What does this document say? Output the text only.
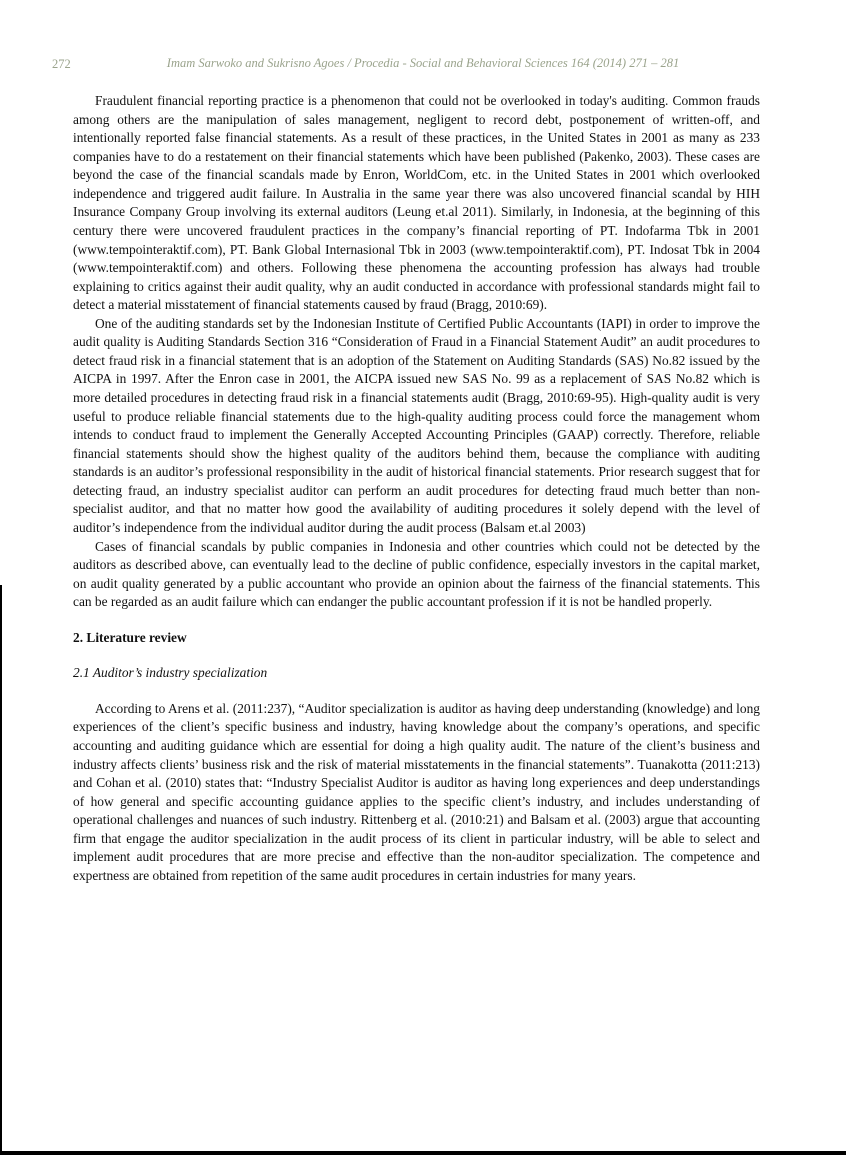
272	Imam Sarwoko and Sukrisno Agoes / Procedia - Social and Behavioral Sciences 164 (2014) 271 – 281

Fraudulent financial reporting practice is a phenomenon that could not be overlooked in today's auditing. Common frauds among others are the manipulation of sales management, negligent to record debt, postponement of written-off, and intentionally reported false financial statements. As a result of these practices, in the United States in 2001 as many as 233 companies have to do a restatement on their financial statements which have been published (Pakenko, 2003). These cases are beyond the case of the financial scandals made by Enron, WorldCom, etc. in the United States in 2001 which overlooked independence and triggered audit failure. In Australia in the same year there was also uncovered financial scandal by HIH Insurance Company Group involving its external auditors (Leung et.al 2011). Similarly, in Indonesia, at the beginning of this century there were uncovered fraudulent practices in the company’s financial reporting of PT. Indofarma Tbk in 2001 (www.tempointeraktif.com), PT. Bank Global Internasional Tbk in 2003 (www.tempointeraktif.com), PT. Indosat Tbk in 2004 (www.tempointeraktif.com) and others. Following these phenomena the accounting profession has always had trouble explaining to critics against their audit quality, why an audit conducted in accordance with professional standards might fail to detect a material misstatement of financial statements caused by fraud (Bragg, 2010:69).

One of the auditing standards set by the Indonesian Institute of Certified Public Accountants (IAPI) in order to improve the audit quality is Auditing Standards Section 316 “Consideration of Fraud in a Financial Statement Audit” an audit procedures to detect fraud risk in a financial statement that is an adoption of the Statement on Auditing Standards (SAS) No.82 issued by the AICPA in 1997. After the Enron case in 2001, the AICPA issued new SAS No. 99 as a replacement of SAS No.82 which is more detailed procedures in detecting fraud risk in a financial statements audit (Bragg, 2010:69-95). High-quality audit is very useful to produce reliable financial statements due to the high-quality auditing process could force the management whom intends to conduct fraud to implement the Generally Accepted Accounting Principles (GAAP) correctly. Therefore, reliable financial statements should show the highest quality of the auditors behind them, because the compliance with auditing standards is an auditor’s professional responsibility in the audit of historical financial statements. Prior research suggest that for detecting fraud, an industry specialist auditor can perform an audit procedures for detecting fraud much better than non-specialist auditor, and that no matter how good the availability of auditing procedures it solely depend with the level of auditor’s independence from the individual auditor during the audit process (Balsam et.al 2003)

Cases of financial scandals by public companies in Indonesia and other countries which could not be detected by the auditors as described above, can eventually lead to the decline of public confidence, especially investors in the capital market, on audit quality generated by a public accountant who provide an opinion about the fairness of the financial statements. This can be regarded as an audit failure which can endanger the public accountant profession if it is not be handled properly.

2. Literature review
2.1 Auditor’s industry specialization

According to Arens et al. (2011:237), “Auditor specialization is auditor as having deep understanding (knowledge) and long experiences of the client’s specific business and industry, having knowledge about the company’s operations, and specific accounting and auditing guidance which are essential for doing a high quality audit. The nature of the client’s business and industry affects clients’ business risk and the risk of material misstatements in the financial statements”. Tuanakotta (2011:213) and Cohan et al. (2010) states that: “Industry Specialist Auditor is auditor as having long experiences and deep understandings of how general and specific accounting guidance applies to the specific client’s industry, and includes understanding of operational challenges and nuances of such industry. Rittenberg et al. (2010:21) and Balsam et al. (2003) argue that accounting firm that engage the auditor specialization in the audit process of its client in particular industry, will be able to select and implement audit procedures that are more precise and effective than the non-auditor specialization. The competence and expertness are obtained from repetition of the same audit procedures in certain industries for many years.
